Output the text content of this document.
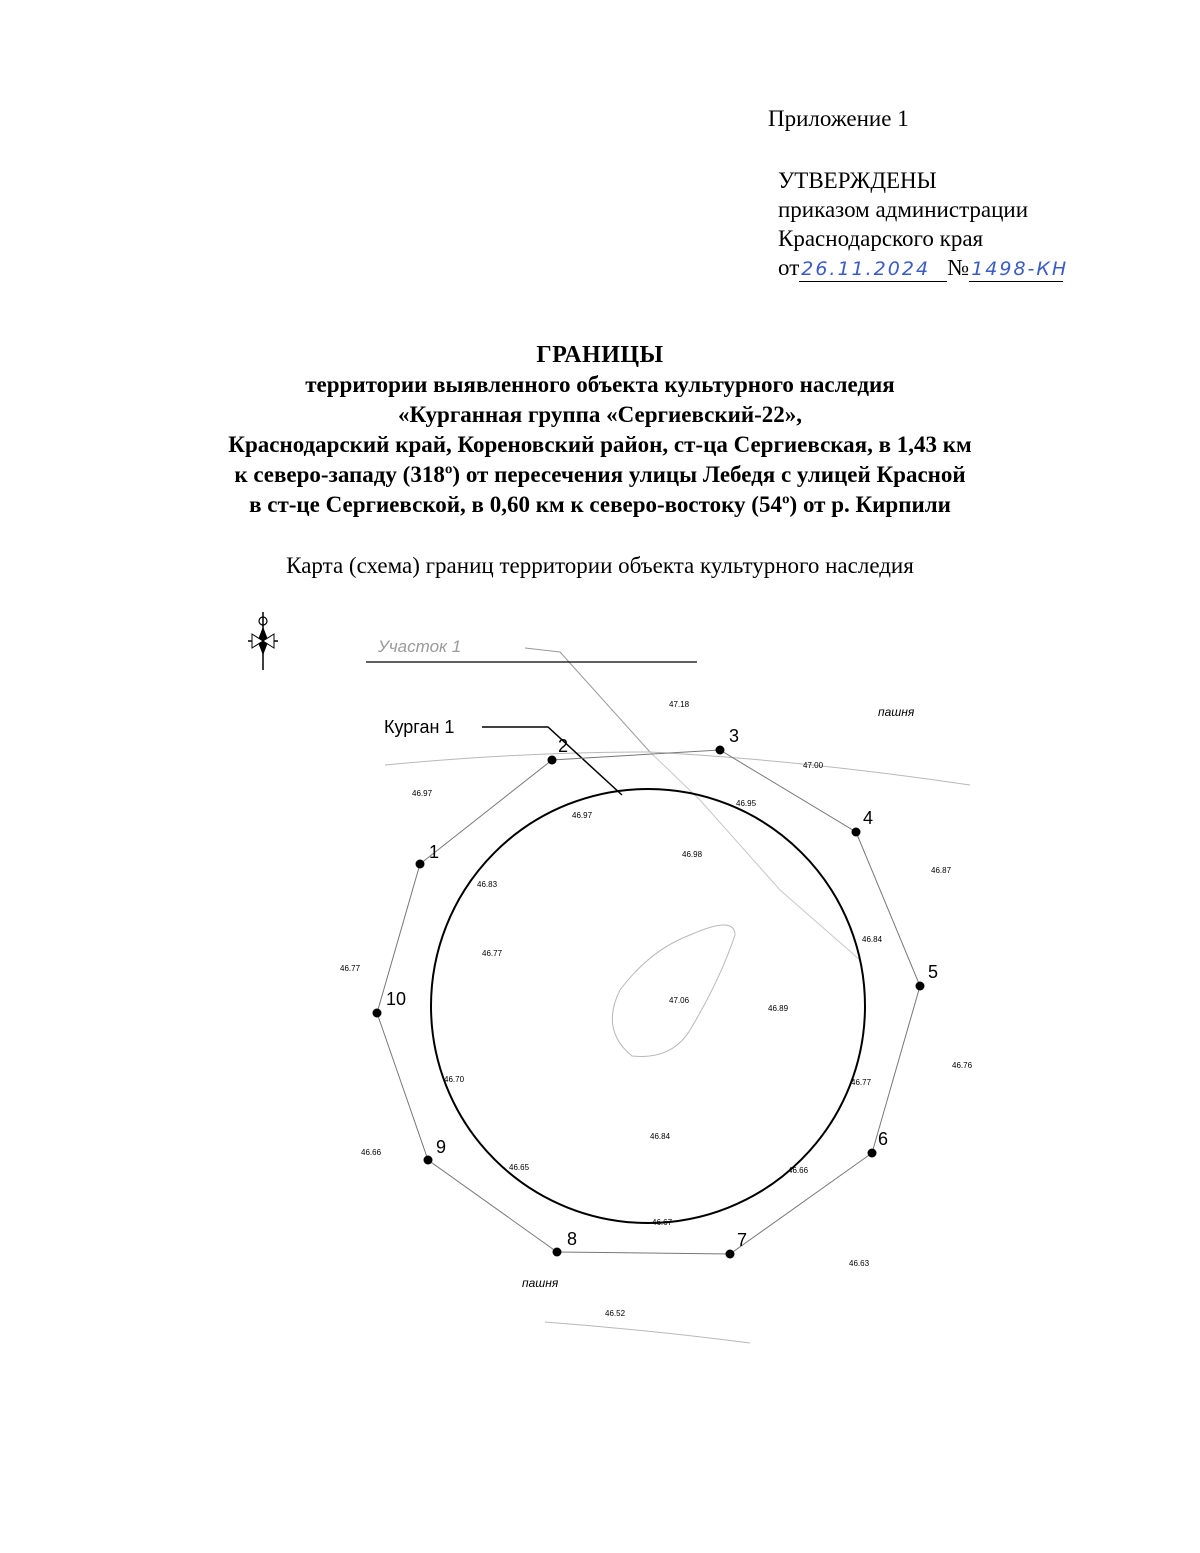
Приложение 1
УТВЕРЖДЕНЫ
приказом администрации
Краснодарского края
от 26.11.2024 № 1498-КН
ГРАНИЦЫ
территории выявленного объекта культурного наследия
«Курганная группа «Сергиевский-22»,
Краснодарский край, Кореновский район, ст-ца Сергиевская, в 1,43 км
к северо-западу (318º) от пересечения улицы Лебедя с улицей Красной
в ст-це Сергиевской, в 0,60 км к северо-востоку (54º) от р. Кирпили
Карта (схема) границ территории объекта культурного наследия
Участок 1
Курган 1
1
2	3
4
5
6
7
8
9
10
пашня
пашня
47.18
47.00
46.97
46.95
46.97
46.98
46.87
46.83
46.84
46.77
47.06
46.89
46.77
46.76
46.70	46.77
46.84
46.66
46.66
46.65
46.67
46.63
46.52
